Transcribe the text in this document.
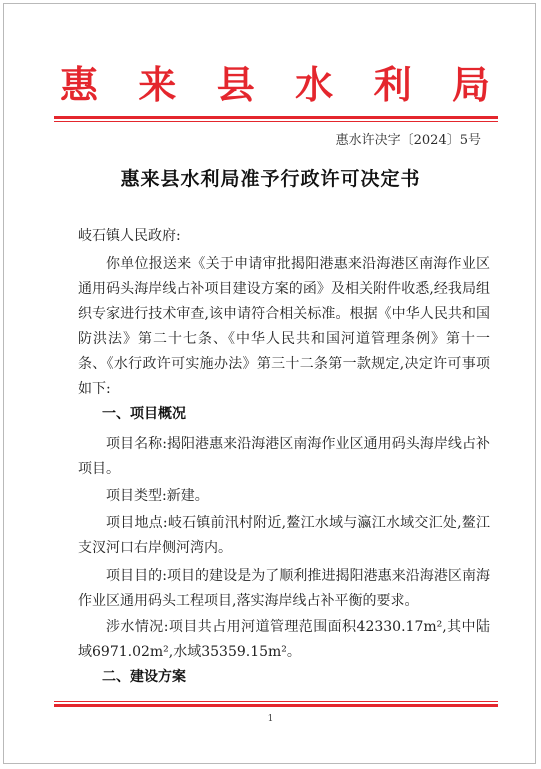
惠 来 县 水 利 局
惠水许决字〔2024〕5号
惠来县水利局准予行政许可决定书
岐石镇人民政府:
你单位报送来《关于申请审批揭阳港惠来沿海港区南海作业区通用码头海岸线占补项目建设方案的函》及相关附件收悉,经我局组织专家进行技术审查,该申请符合相关标准。根据《中华人民共和国防洪法》第二十七条、《中华人民共和国河道管理条例》第十一条、《水行政许可实施办法》第三十二条第一款规定,决定许可事项如下:
一、项目概况
项目名称:揭阳港惠来沿海港区南海作业区通用码头海岸线占补项目。
项目类型:新建。
项目地点:岐石镇前汛村附近,鳌江水域与瀛江水域交汇处,鳌江支汊河口右岸侧河湾内。
项目目的:项目的建设是为了顺利推进揭阳港惠来沿海港区南海作业区通用码头工程项目,落实海岸线占补平衡的要求。
涉水情况:项目共占用河道管理范围面积42330.17m²,其中陆域6971.02m²,水域35359.15m²。
二、建设方案
1
